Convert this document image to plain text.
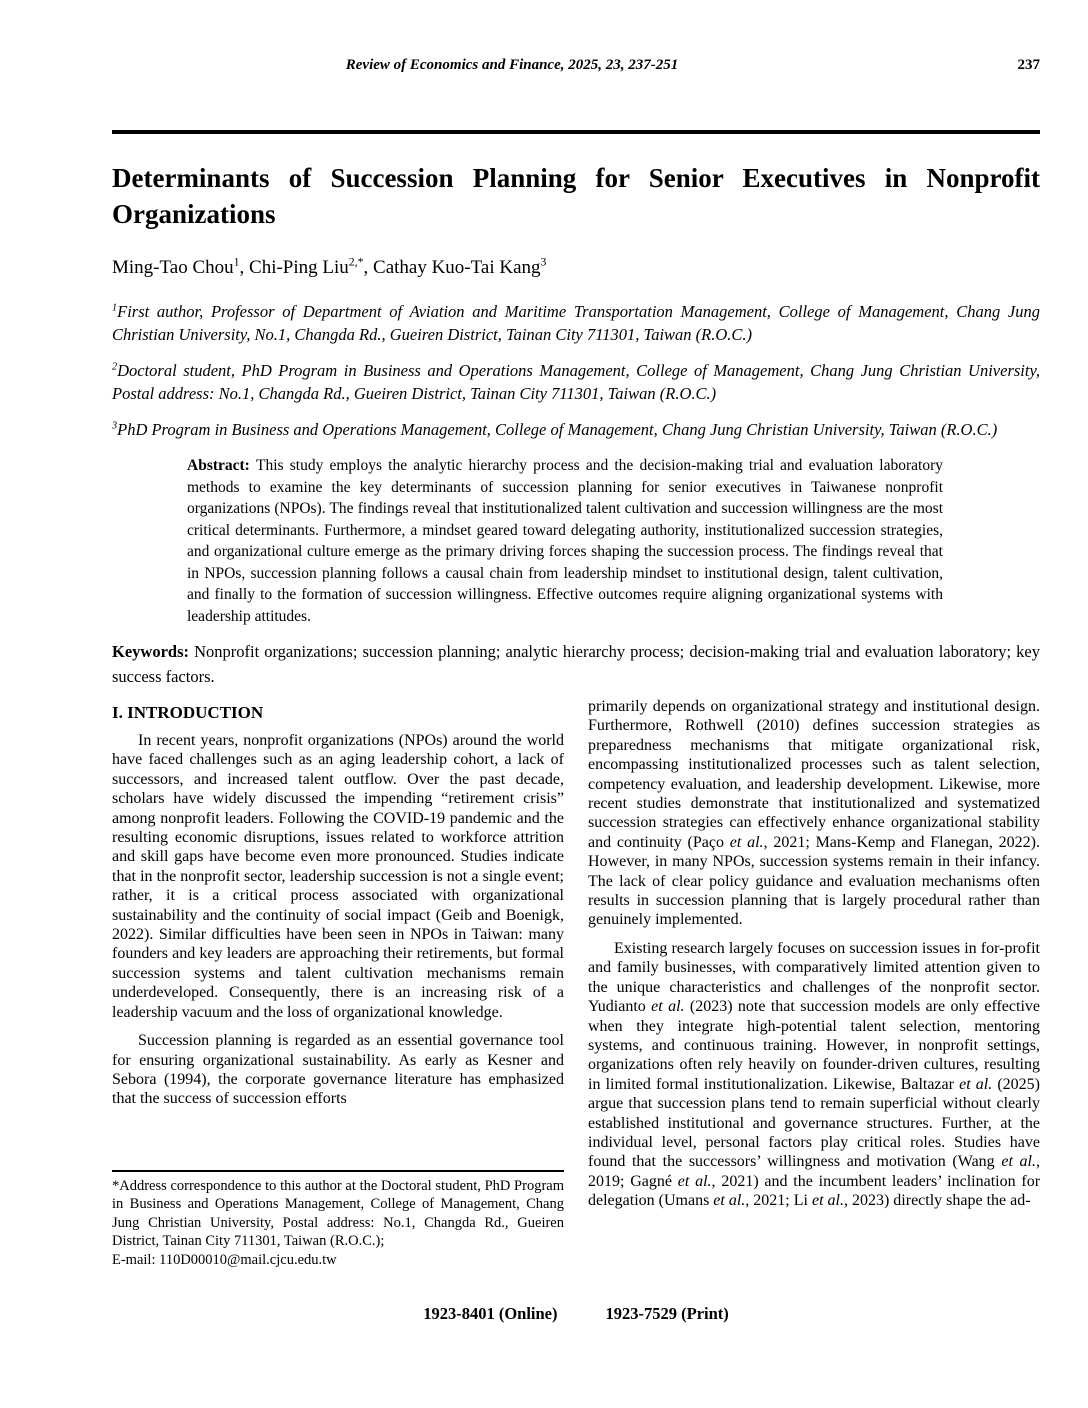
Review of Economics and Finance, 2025, 23, 237-251	237
Determinants of Succession Planning for Senior Executives in Nonprofit Organizations
Ming-Tao Chou$^1$, Chi-Ping Liu$^{2,*}$, Cathay Kuo-Tai Kang$^3$

$^1$First author, Professor of Department of Aviation and Maritime Transportation Management, College of Management, Chang Jung Christian University, No.1, Changda Rd., Gueiren District, Tainan City 711301, Taiwan (R.O.C.)

$^2$Doctoral student, PhD Program in Business and Operations Management, College of Management, Chang Jung Christian University, Postal address: No.1, Changda Rd., Gueiren District, Tainan City 711301, Taiwan (R.O.C.)

$^3$PhD Program in Business and Operations Management, College of Management, Chang Jung Christian University, Taiwan (R.O.C.)

Abstract: This study employs the analytic hierarchy process and the decision-making trial and evaluation laboratory methods to examine the key determinants of succession planning for senior executives in Taiwanese nonprofit organizations (NPOs). The findings reveal that institutionalized talent cultivation and succession willingness are the most critical determinants. Furthermore, a mindset geared toward delegating authority, institutionalized succession strategies, and organizational culture emerge as the primary driving forces shaping the succession process. The findings reveal that in NPOs, succession planning follows a causal chain from leadership mindset to institutional design, talent cultivation, and finally to the formation of succession willingness. Effective outcomes require aligning organizational systems with leadership attitudes.

Keywords: Nonprofit organizations; succession planning; analytic hierarchy process; decision-making trial and evaluation laboratory; key success factors.

I. INTRODUCTION

In recent years, nonprofit organizations (NPOs) around the world have faced challenges such as an aging leadership cohort, a lack of successors, and increased talent outflow. Over the past decade, scholars have widely discussed the impending “retirement crisis” among nonprofit leaders. Following the COVID-19 pandemic and the resulting economic disruptions, issues related to workforce attrition and skill gaps have become even more pronounced. Studies indicate that in the nonprofit sector, leadership succession is not a single event; rather, it is a critical process associated with organizational sustainability and the continuity of social impact (Geib and Boenigk, 2022). Similar difficulties have been seen in NPOs in Taiwan: many founders and key leaders are approaching their retirements, but formal succession systems and talent cultivation mechanisms remain underdeveloped. Consequently, there is an increasing risk of a leadership vacuum and the loss of organizational knowledge.

Succession planning is regarded as an essential governance tool for ensuring organizational sustainability. As early as Kesner and Sebora (1994), the corporate governance literature has emphasized that the success of succession efforts

*Address correspondence to this author at the Doctoral student, PhD Program in Business and Operations Management, College of Management, Chang Jung Christian University, Postal address: No.1, Changda Rd., Gueiren District, Tainan City 711301, Taiwan (R.O.C.);

E-mail: 110D00010@mail.cjcu.edu.tw

primarily depends on organizational strategy and institutional design. Furthermore, Rothwell (2010) defines succession strategies as preparedness mechanisms that mitigate organizational risk, encompassing institutionalized processes such as talent selection, competency evaluation, and leadership development. Likewise, more recent studies demonstrate that institutionalized and systematized succession strategies can effectively enhance organizational stability and continuity (Paço et al., 2021; Mans-Kemp and Flanegan, 2022). However, in many NPOs, succession systems remain in their infancy. The lack of clear policy guidance and evaluation mechanisms often results in succession planning that is largely procedural rather than genuinely implemented.

Existing research largely focuses on succession issues in for-profit and family businesses, with comparatively limited attention given to the unique characteristics and challenges of the nonprofit sector. Yudianto et al. (2023) note that succession models are only effective when they integrate high-potential talent selection, mentoring systems, and continuous training. However, in nonprofit settings, organizations often rely heavily on founder-driven cultures, resulting in limited formal institutionalization. Likewise, Baltazar et al. (2025) argue that succession plans tend to remain superficial without clearly established institutional and governance structures. Further, at the individual level, personal factors play critical roles. Studies have found that the successors’ willingness and motivation (Wang et al., 2019; Gagné et al., 2021) and the incumbent leaders’ inclination for delegation (Umans et al., 2021; Li et al., 2023) directly shape the ad-

1923-8401 (Online)	1923-7529 (Print)
